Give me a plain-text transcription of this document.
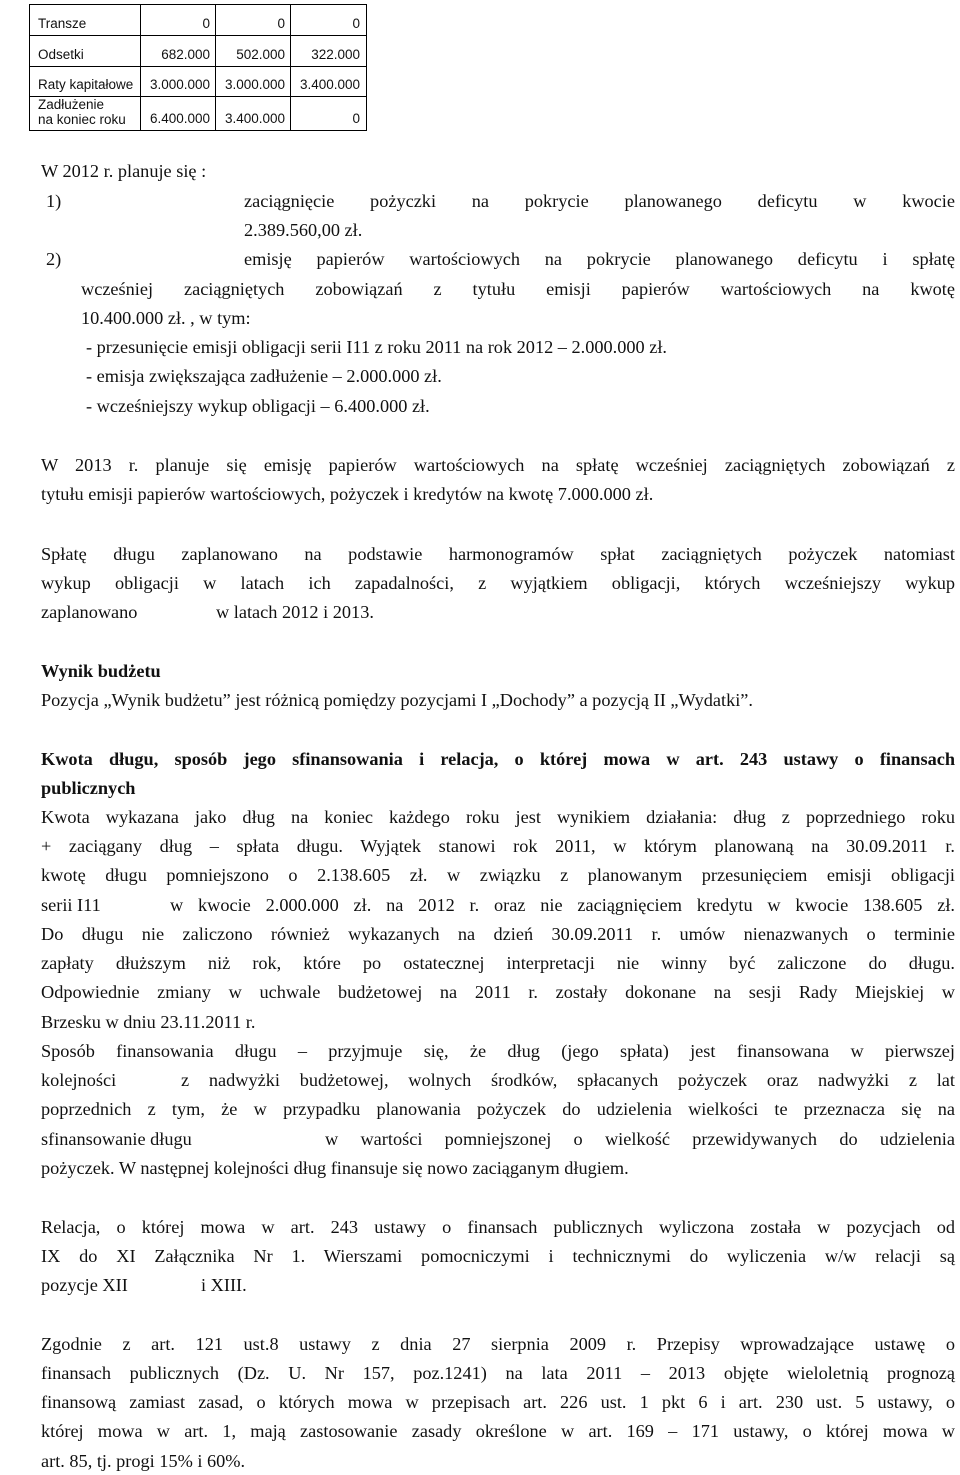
Transze	0	0	0
Odsetki	682.000	502.000	322.000
Raty kapitałowe	3.000.000	3.000.000	3.400.000
Zadłużenie
na koniec roku	6.400.000	3.400.000	0
W 2012 r. planuje się :
1)	zaciągnięcie pożyczki na pokrycie planowanego deficytu w kwocie
2.389.560,00 zł.
2)	emisję papierów wartościowych na pokrycie planowanego deficytu i spłatę
wcześniej zaciągniętych zobowiązań z tytułu emisji papierów wartościowych na kwotę
10.400.000 zł. , w tym:
- przesunięcie emisji obligacji serii I11 z roku 2011 na rok 2012 – 2.000.000 zł.
- emisja zwiększająca zadłużenie – 2.000.000 zł.
- wcześniejszy wykup obligacji – 6.400.000 zł.
W 2013 r. planuje się emisję papierów wartościowych na spłatę wcześniej zaciągniętych zobowiązań z
tytułu emisji papierów wartościowych, pożyczek i kredytów na kwotę 7.000.000 zł.
Spłatę długu zaplanowano na podstawie harmonogramów spłat zaciągniętych pożyczek natomiast
wykup obligacji w latach ich zapadalności, z wyjątkiem obligacji, których wcześniejszy wykup
zaplanowano	w latach 2012 i 2013.
Wynik budżetu
Pozycja „Wynik budżetu” jest różnicą pomiędzy pozycjami I „Dochody” a pozycją II „Wydatki”.
Kwota długu, sposób jego sfinansowania i relacja, o której mowa w art. 243 ustawy o finansach
publicznych
Kwota wykazana jako dług na koniec każdego roku jest wynikiem działania: dług z poprzedniego roku
+ zaciągany dług – spłata długu. Wyjątek stanowi rok 2011, w którym planowaną na 30.09.2011 r.
kwotę długu pomniejszono o 2.138.605 zł. w związku z planowanym przesunięciem emisji obligacji
serii I11	w kwocie 2.000.000 zł. na 2012 r. oraz nie zaciągnięciem kredytu w kwocie 138.605 zł.
Do długu nie zaliczono również wykazanych na dzień 30.09.2011 r. umów nienazwanych o terminie
zapłaty dłuższym niż rok, które po ostatecznej interpretacji nie winny być zaliczone do długu.
Odpowiednie zmiany w uchwale budżetowej na 2011 r. zostały dokonane na sesji Rady Miejskiej w
Brzesku w dniu 23.11.2011 r.
Sposób finansowania długu – przyjmuje się, że dług (jego spłata) jest finansowana w pierwszej
kolejności	z nadwyżki budżetowej, wolnych środków, spłacanych pożyczek oraz nadwyżki z lat
poprzednich z tym, że w przypadku planowania pożyczek do udzielenia wielkości te przeznacza się na
sfinansowanie długu	w wartości pomniejszonej o wielkość przewidywanych do udzielenia
pożyczek. W następnej kolejności dług finansuje się nowo zaciąganym długiem.
Relacja, o której mowa w art. 243 ustawy o finansach publicznych wyliczona została w pozycjach od
IX do XI Załącznika Nr 1. Wierszami pomocniczymi i technicznymi do wyliczenia w/w relacji są
pozycje XII	i XIII.
Zgodnie z art. 121 ust.8 ustawy z dnia 27 sierpnia 2009 r. Przepisy wprowadzające ustawę o
finansach publicznych (Dz. U. Nr 157, poz.1241) na lata 2011 – 2013 objęte wieloletnią prognozą
finansową zamiast zasad, o których mowa w przepisach art. 226 ust. 1 pkt 6 i art. 230 ust. 5 ustawy, o
której mowa w art. 1, mają zastosowanie zasady określone w art. 169 – 171 ustawy, o której mowa w
art. 85, tj. progi 15% i 60%.
